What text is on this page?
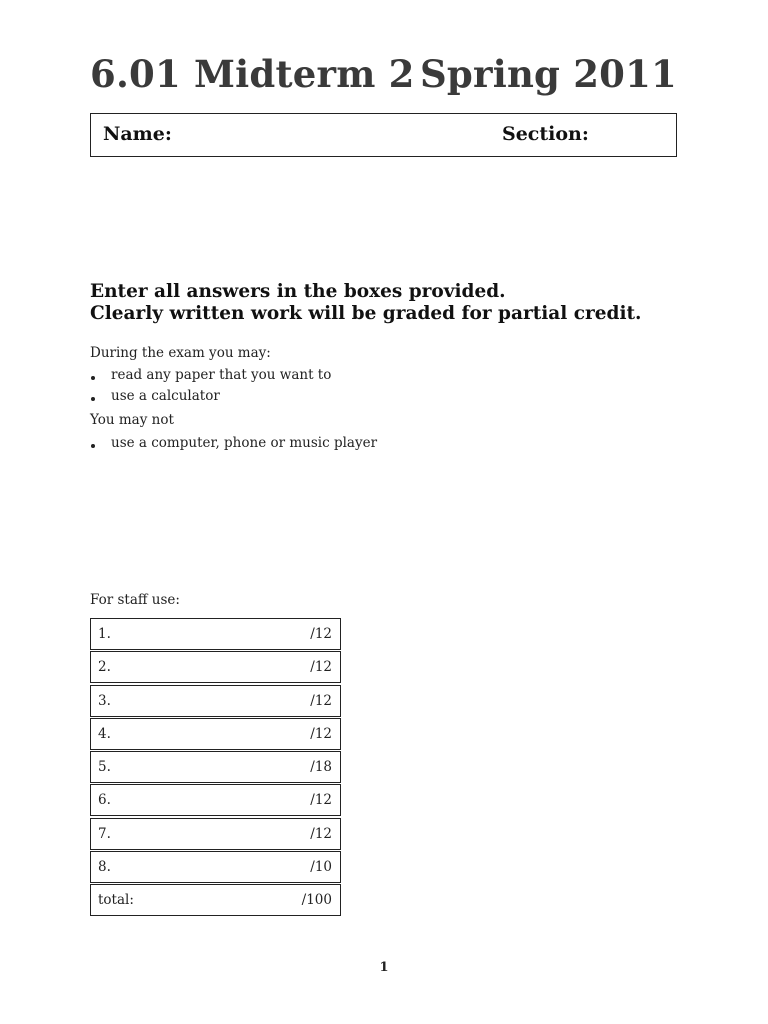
6.01 Midterm 2 Spring 2011
Name:	Section:
Enter all answers in the boxes provided.
Clearly written work will be graded for partial credit.
During the exam you may:
read any paper that you want to
use a calculator
You may not
use a computer, phone or music player
For staff use:
1.	/12
2.	/12
3.	/12
4.	/12
5.	/18
6.	/12
7.	/12
8.	/10
total:	/100
1
